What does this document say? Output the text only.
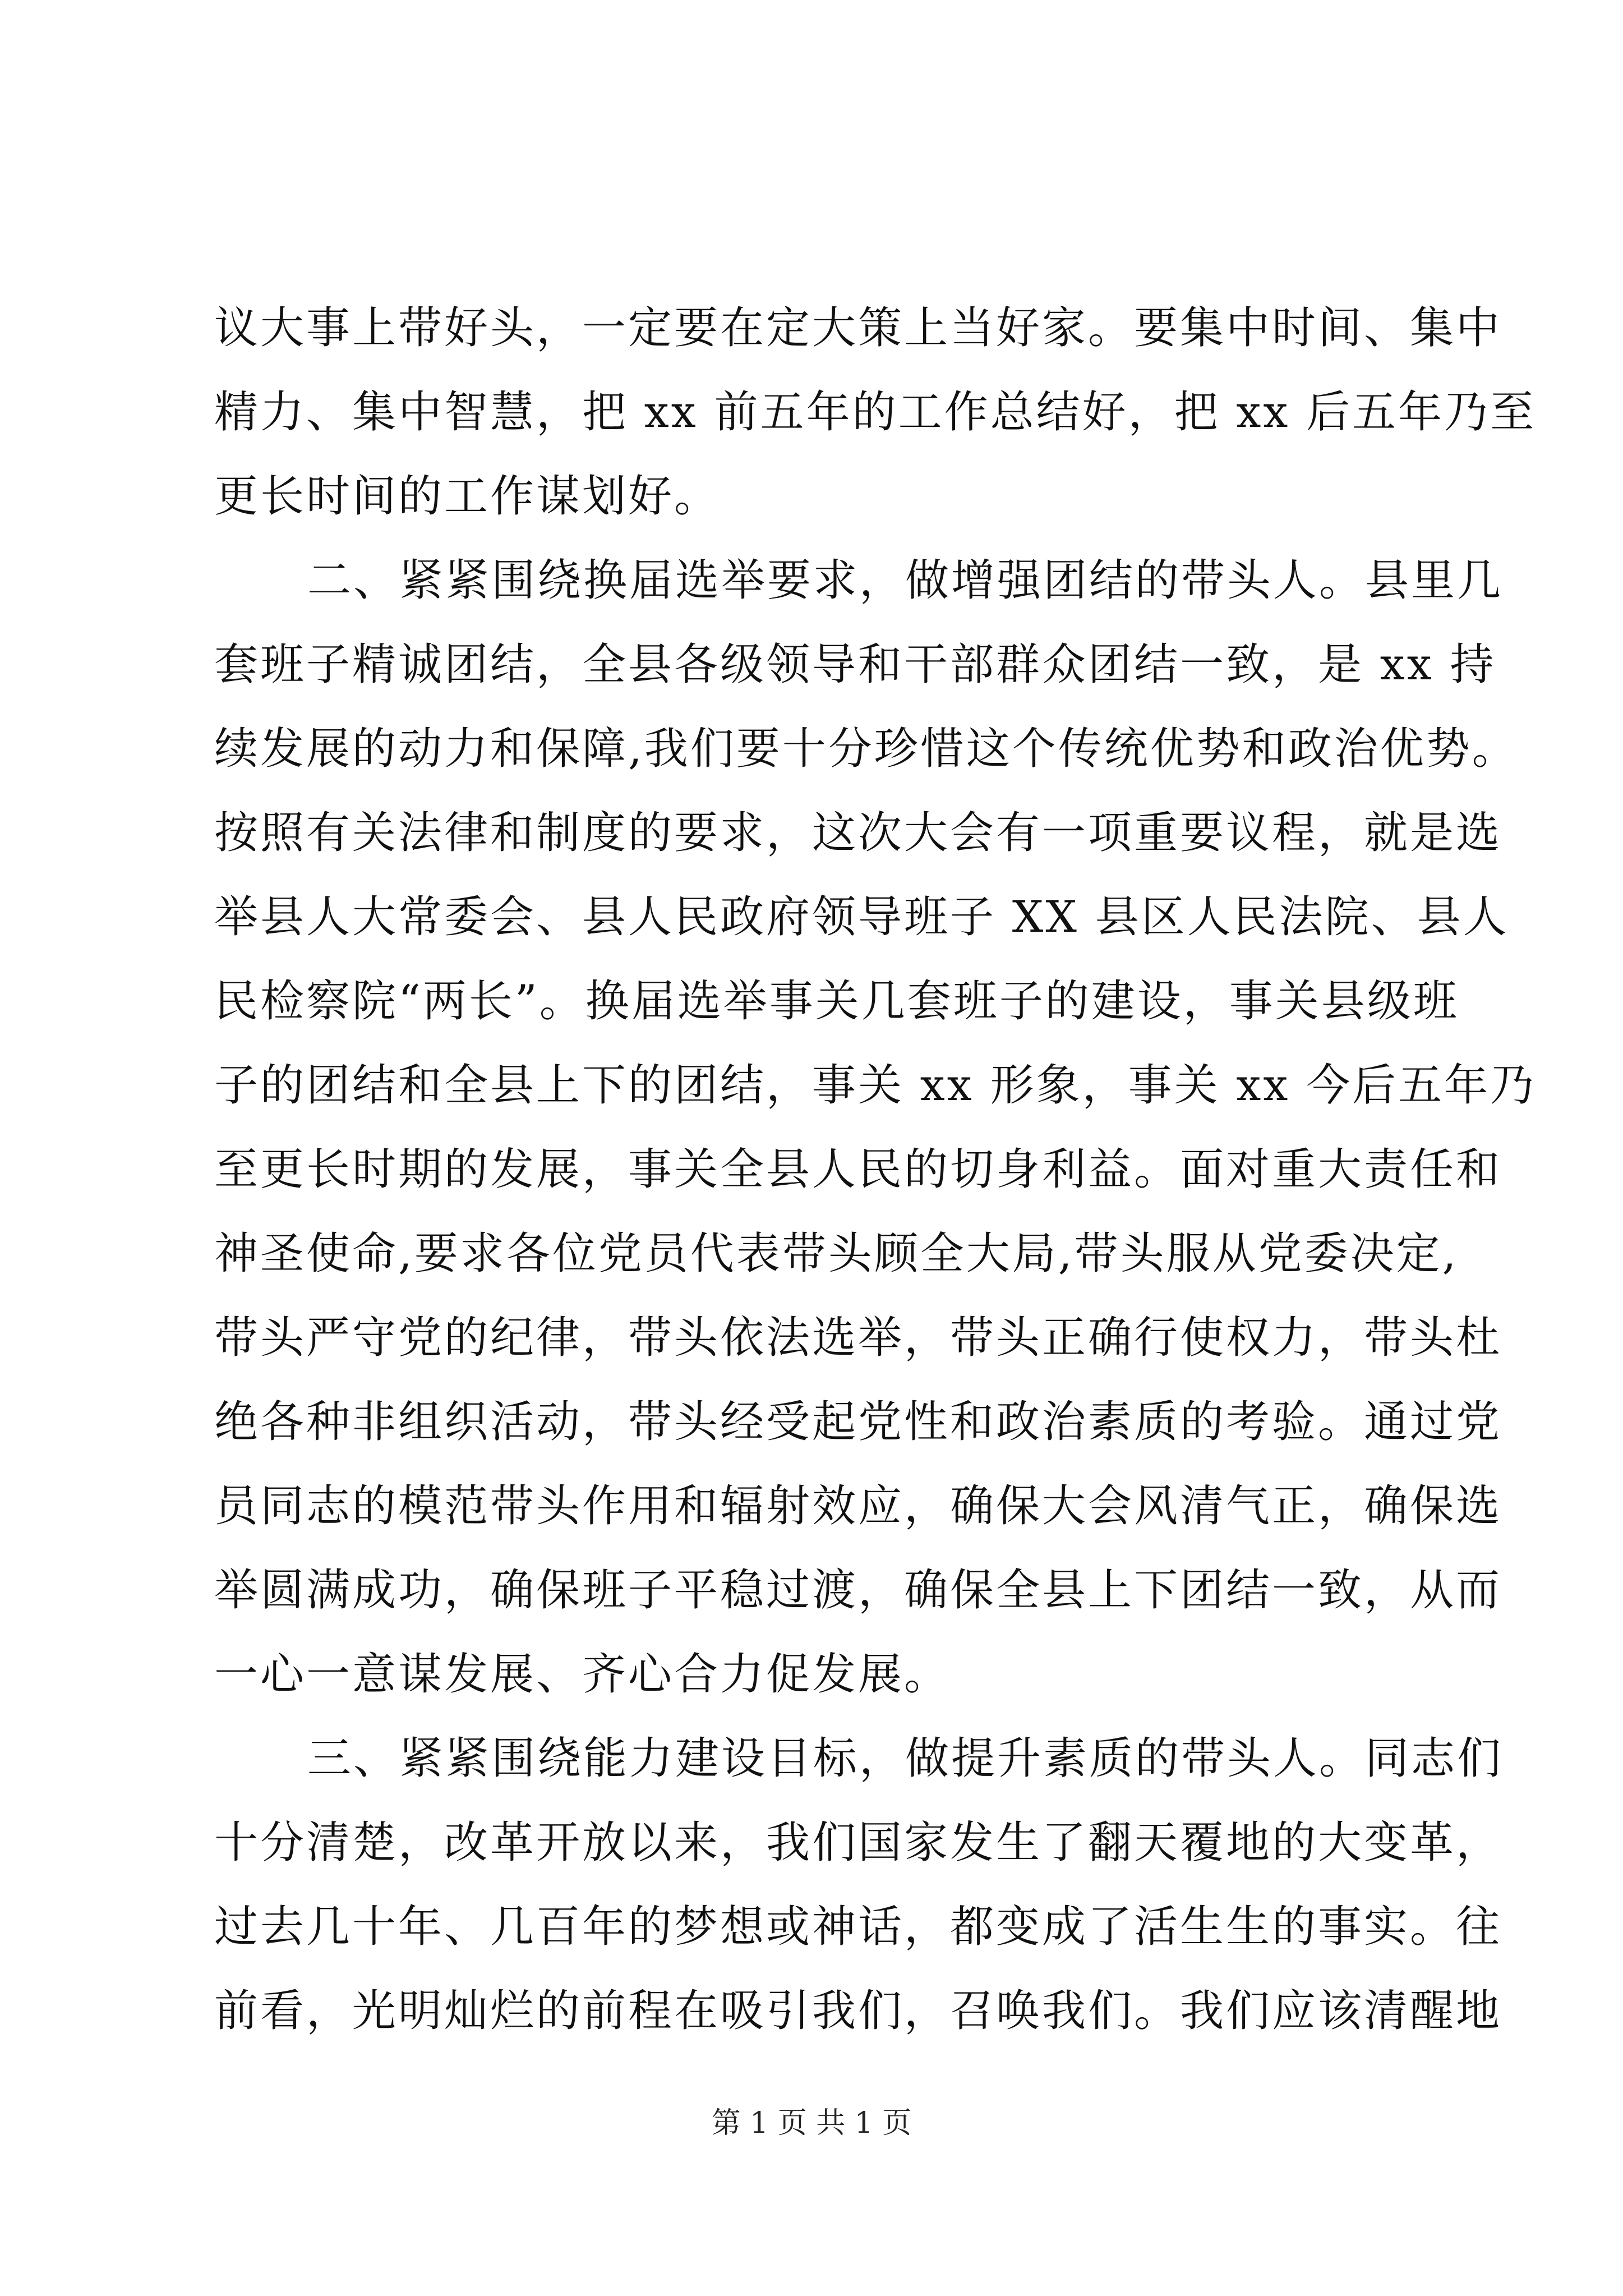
议大事上带好头，一定要在定大策上当好家。要集中时间、集中
精力、集中智慧，把 xx 前五年的工作总结好，把 xx 后五年乃至
更长时间的工作谋划好。
二、紧紧围绕换届选举要求，做增强团结的带头人。县里几
套班子精诚团结，全县各级领导和干部群众团结一致，是 xx 持
续发展的动力和保障,我们要十分珍惜这个传统优势和政治优势。
按照有关法律和制度的要求，这次大会有一项重要议程，就是选
举县人大常委会、县人民政府领导班子 XX 县区人民法院、县人
民检察院“两长”。换届选举事关几套班子的建设，事关县级班
子的团结和全县上下的团结，事关 xx 形象，事关 xx 今后五年乃
至更长时期的发展，事关全县人民的切身利益。面对重大责任和
神圣使命,要求各位党员代表带头顾全大局,带头服从党委决定,
带头严守党的纪律，带头依法选举，带头正确行使权力，带头杜
绝各种非组织活动，带头经受起党性和政治素质的考验。通过党
员同志的模范带头作用和辐射效应，确保大会风清气正，确保选
举圆满成功，确保班子平稳过渡，确保全县上下团结一致，从而
一心一意谋发展、齐心合力促发展。
三、紧紧围绕能力建设目标，做提升素质的带头人。同志们
十分清楚，改革开放以来，我们国家发生了翻天覆地的大变革，
过去几十年、几百年的梦想或神话，都变成了活生生的事实。往
前看，光明灿烂的前程在吸引我们，召唤我们。我们应该清醒地
第 1 页 共 1 页
